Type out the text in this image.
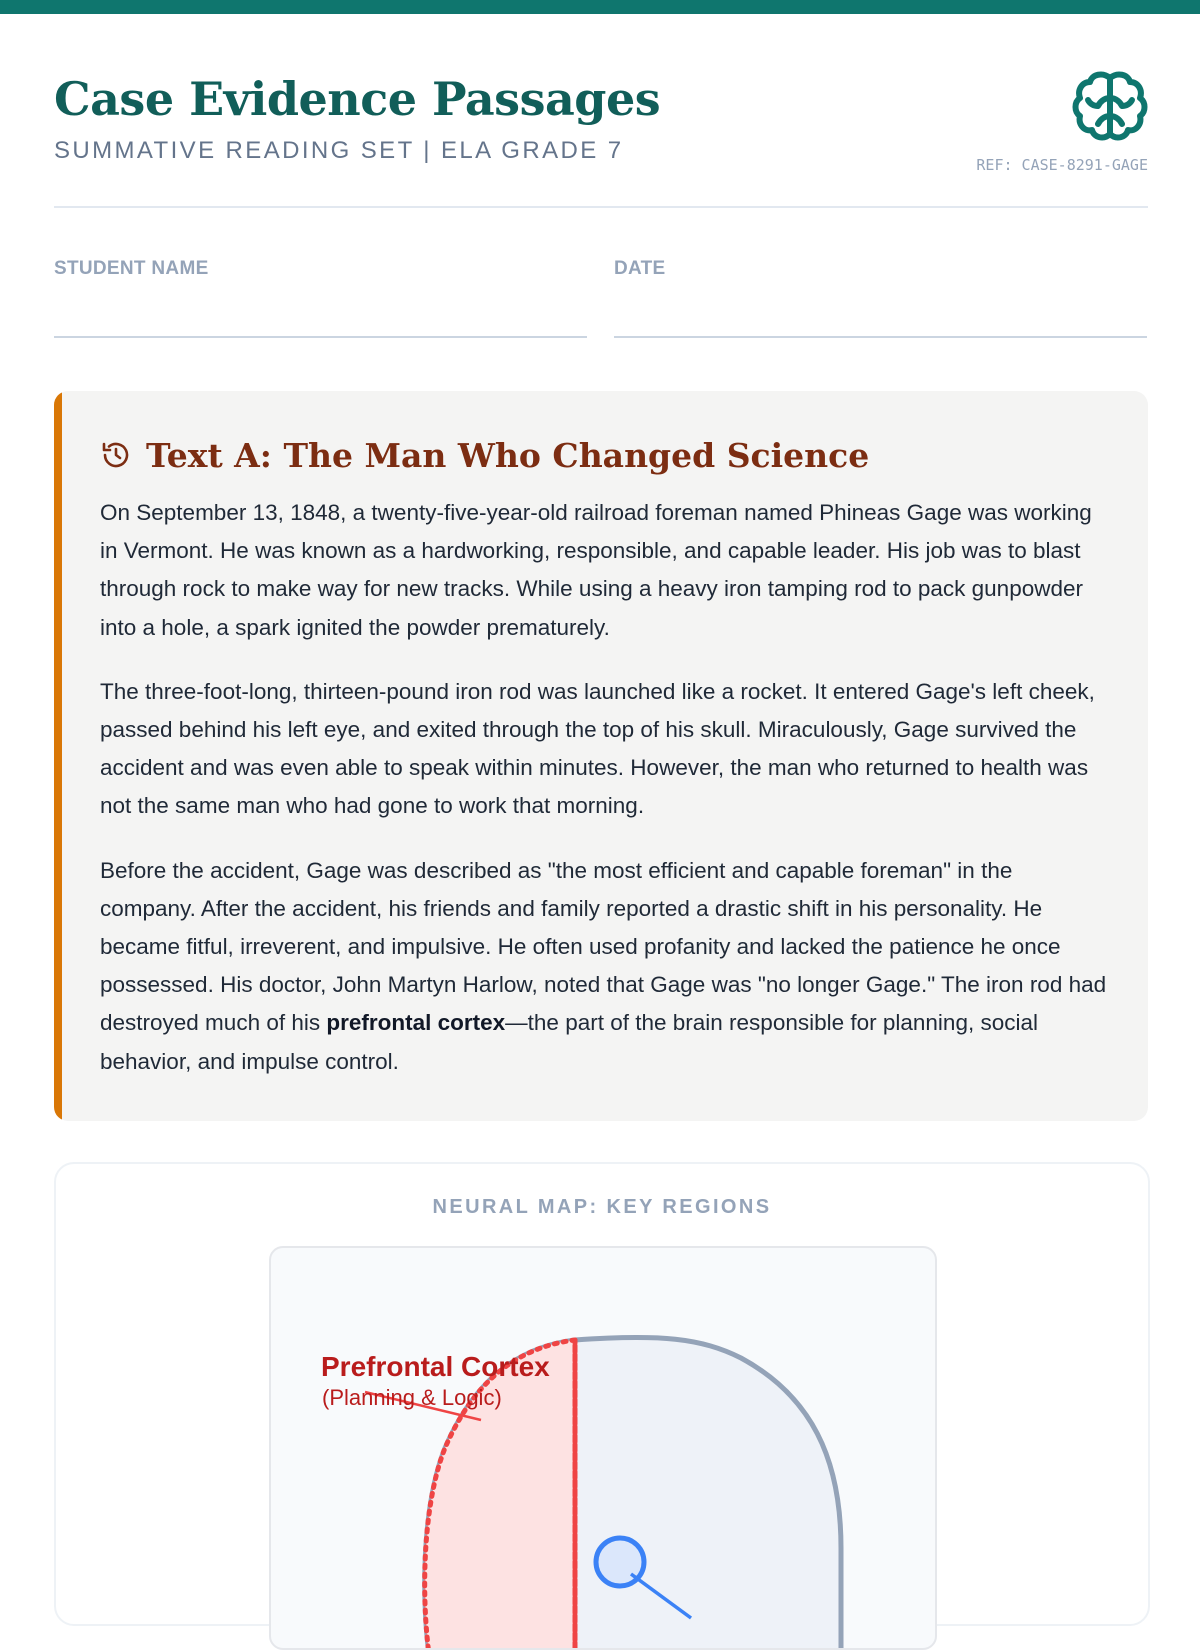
Case Evidence Passages
SUMMATIVE READING SET | ELA GRADE 7
REF: CASE-8291-GAGE
STUDENT NAME	DATE
Text A: The Man Who Changed Science

On September 13, 1848, a twenty-five-year-old railroad foreman named Phineas Gage was working in Vermont. He was known as a hardworking, responsible, and capable leader. His job was to blast through rock to make way for new tracks. While using a heavy iron tamping rod to pack gunpowder into a hole, a spark ignited the powder prematurely.

The three-foot-long, thirteen-pound iron rod was launched like a rocket. It entered Gage's left cheek, passed behind his left eye, and exited through the top of his skull. Miraculously, Gage survived the accident and was even able to speak within minutes. However, the man who returned to health was not the same man who had gone to work that morning.

Before the accident, Gage was described as "the most efficient and capable foreman" in the company. After the accident, his friends and family reported a drastic shift in his personality. He became fitful, irreverent, and impulsive. He often used profanity and lacked the patience he once possessed. His doctor, John Martyn Harlow, noted that Gage was "no longer Gage." The iron rod had destroyed much of his prefrontal cortex—the part of the brain responsible for planning, social behavior, and impulse control.

NEURAL MAP: KEY REGIONS
Prefrontal Cortex
(Planning & Logic)
